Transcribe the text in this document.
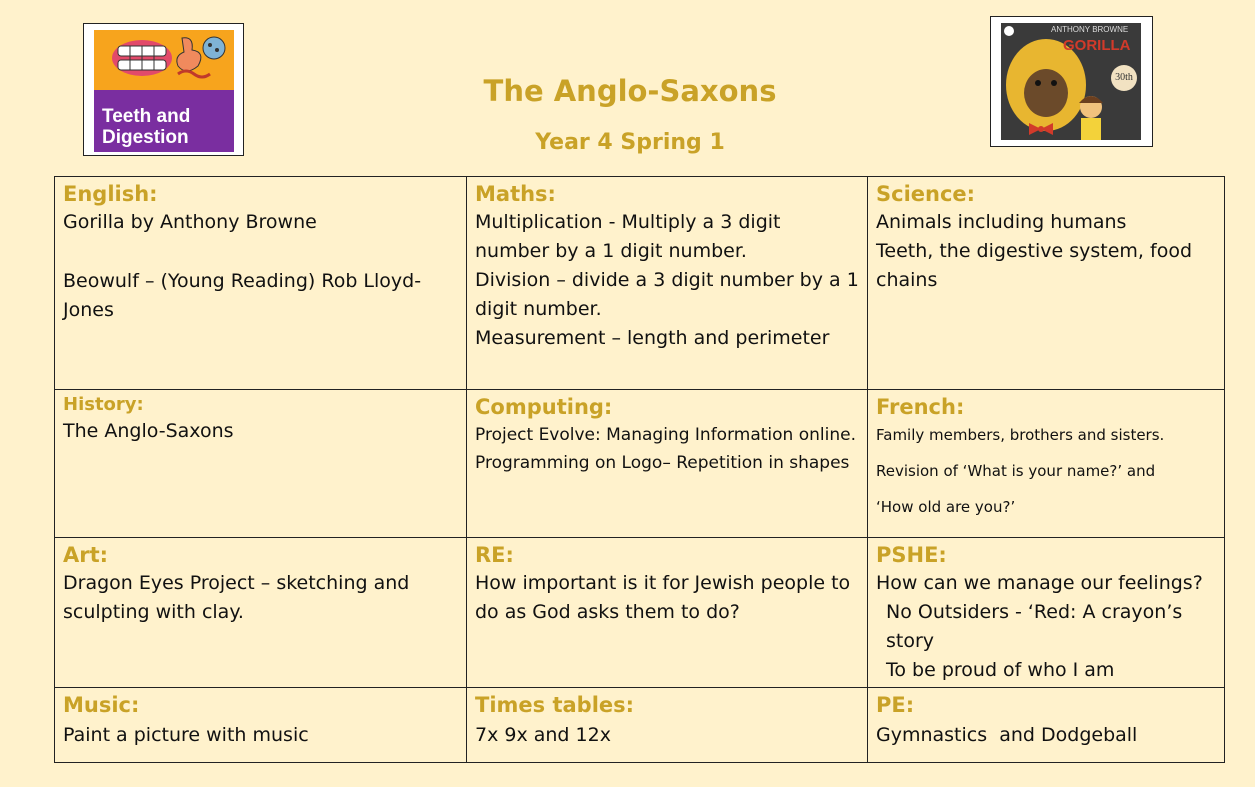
Teeth and Digestion
The Anglo-Saxons
Year 4 Spring 1
ANTHONY BROWNE
GORILLA
30th
English:

Gorilla by Anthony Browne

Beowulf – (Young Reading) Rob Lloyd-Jones

Maths:

Multiplication - Multiply a 3 digit number by a 1 digit number.

Division – divide a 3 digit number by a 1 digit number.

Measurement – length and perimeter

Science:

Animals including humans

Teeth, the digestive system, food chains

History:

The Anglo-Saxons

Computing:

Project Evolve: Managing Information online.

Programming on Logo– Repetition in shapes

French:

Family members, brothers and sisters.

Revision of ‘What is your name?’ and

‘How old are you?’

Art:

Dragon Eyes Project – sketching and sculpting with clay.

RE:

How important is it for Jewish people to do as God asks them to do?

PSHE:

How can we manage our feelings?

No Outsiders - ‘Red: A crayon’s story

To be proud of who I am

Music:

Paint a picture with music

Times tables:

7x 9x and 12x

PE:

Gymnastics  and Dodgeball
